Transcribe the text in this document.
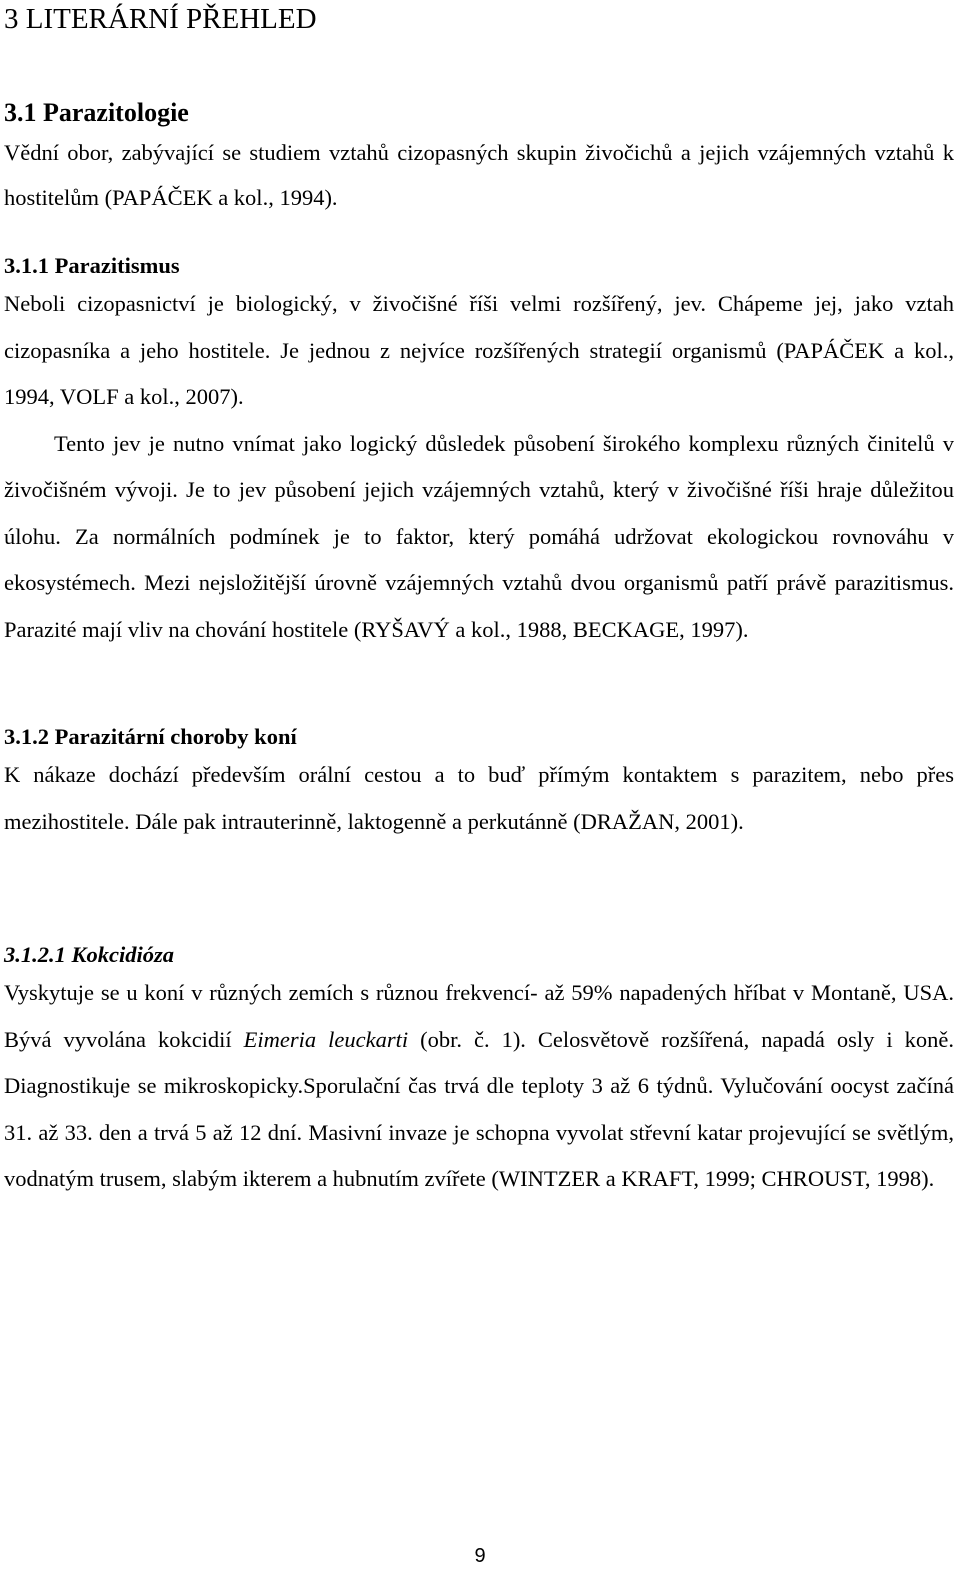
3 LITERÁRNÍ PŘEHLED
3.1 Parazitologie

Vědní obor, zabývající se studiem vztahů cizopasných skupin živočichů a jejich vzájemných vztahů k hostitelům (PAPÁČEK a kol., 1994).

3.1.1 Parazitismus

Neboli cizopasnictví je biologický, v živočišné říši velmi rozšířený, jev. Chápeme jej, jako vztah cizopasníka a jeho hostitele. Je jednou z nejvíce rozšířených strategií organismů (PAPÁČEK a kol., 1994, VOLF a kol., 2007).

Tento jev je nutno vnímat jako logický důsledek působení širokého komplexu různých činitelů v živočišném vývoji. Je to jev působení jejich vzájemných vztahů, který v živočišné říši hraje důležitou úlohu. Za normálních podmínek je to faktor, který pomáhá udržovat ekologickou rovnováhu v ekosystémech. Mezi nejsložitější úrovně vzájemných vztahů dvou organismů patří právě parazitismus. Parazité mají vliv na chování hostitele (RYŠAVÝ a kol., 1988, BECKAGE, 1997).

3.1.2 Parazitární choroby koní

K nákaze dochází především orální cestou a to buď přímým kontaktem s parazitem, nebo přes mezihostitele. Dále pak intrauterinně, laktogenně a perkutánně (DRAŽAN, 2001).

3.1.2.1 Kokcidióza

Vyskytuje se u koní v různých zemích s různou frekvencí- až 59% napadených hříbat v Montaně, USA. Bývá vyvolána kokcidií Eimeria leuckarti (obr. č. 1). Celosvětově rozšířená, napadá osly i koně. Diagnostikuje se mikroskopicky.Sporulační čas trvá dle teploty 3 až 6 týdnů. Vylučování oocyst začíná 31. až 33. den a trvá 5 až 12 dní. Masivní invaze je schopna vyvolat střevní katar projevující se světlým, vodnatým trusem, slabým ikterem a hubnutím zvířete (WINTZER a KRAFT, 1999; CHROUST, 1998).

9
